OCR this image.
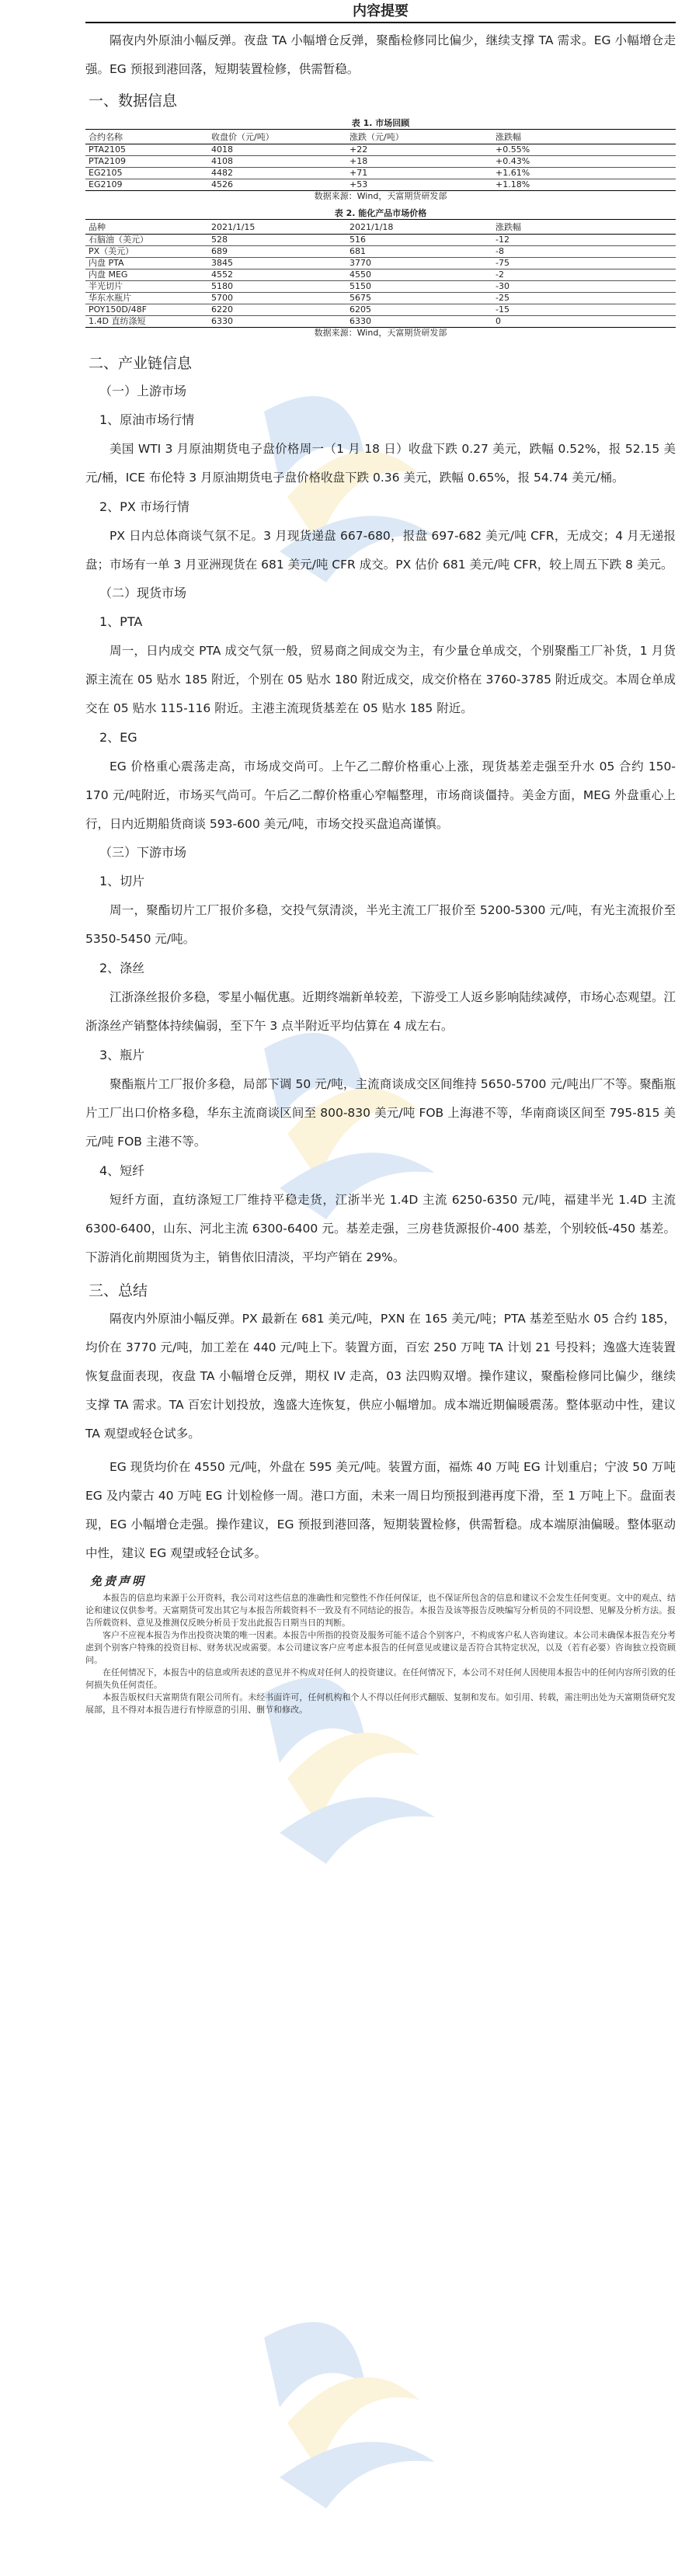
内容提要

隔夜内外原油小幅反弹。夜盘 TA 小幅增仓反弹，聚酯检修同比偏少，继续支撑 TA 需求。EG 小幅增仓走强。EG 预报到港回落，短期装置检修，供需暂稳。

一、数据信息
表 1. 市场回顾
合约名称	收盘价（元/吨）	涨跌（元/吨）	涨跌幅
PTA2105	4018	+22	+0.55%
PTA2109	4108	+18	+0.43%
EG2105	4482	+71	+1.61%
EG2109	4526	+53	+1.18%
数据来源：Wind，天富期货研发部
表 2. 能化产品市场价格
品种	2021/1/15	2021/1/18	涨跌幅
石脑油（美元）	528	516	-12
PX（美元）	689	681	-8
内盘 PTA	3845	3770	-75
内盘 MEG	4552	4550	-2
半光切片	5180	5150	-30
华东水瓶片	5700	5675	-25
POY150D/48F	6220	6205	-15
1.4D 直纺涤短	6330	6330	0
数据来源：Wind，天富期货研发部
二、产业链信息
（一）上游市场
1、原油市场行情

美国 WTI 3 月原油期货电子盘价格周一（1 月 18 日）收盘下跌 0.27 美元，跌幅 0.52%，报 52.15 美元/桶，ICE 布伦特 3 月原油期货电子盘价格收盘下跌 0.36 美元，跌幅 0.65%，报 54.74 美元/桶。

2、PX 市场行情

PX 日内总体商谈气氛不足。3 月现货递盘 667-680，报盘 697-682 美元/吨 CFR，无成交；4 月无递报盘；市场有一单 3 月亚洲现货在 681 美元/吨 CFR 成交。PX 估价 681 美元/吨 CFR，较上周五下跌 8 美元。

（二）现货市场
1、PTA

周一，日内成交 PTA 成交气氛一般，贸易商之间成交为主，有少量仓单成交，个别聚酯工厂补货，1 月货源主流在 05 贴水 185 附近，个别在 05 贴水 180 附近成交，成交价格在 3760-3785 附近成交。本周仓单成交在 05 贴水 115-116 附近。主港主流现货基差在 05 贴水 185 附近。

2、EG

EG 价格重心震荡走高，市场成交尚可。上午乙二醇价格重心上涨，现货基差走强至升水 05 合约 150-170 元/吨附近，市场买气尚可。午后乙二醇价格重心窄幅整理，市场商谈僵持。美金方面，MEG 外盘重心上行，日内近期船货商谈 593-600 美元/吨，市场交投买盘追高谨慎。

（三）下游市场
1、切片

周一，聚酯切片工厂报价多稳，交投气氛清淡，半光主流工厂报价至 5200-5300 元/吨，有光主流报价至 5350-5450 元/吨。

2、涤丝

江浙涤丝报价多稳，零星小幅优惠。近期终端新单较差，下游受工人返乡影响陆续减停，市场心态观望。江浙涤丝产销整体持续偏弱，至下午 3 点半附近平均估算在 4 成左右。

3、瓶片

聚酯瓶片工厂报价多稳，局部下调 50 元/吨，主流商谈成交区间维持 5650-5700 元/吨出厂不等。聚酯瓶片工厂出口价格多稳，华东主流商谈区间至 800-830 美元/吨 FOB 上海港不等，华南商谈区间至 795-815 美元/吨 FOB 主港不等。

4、短纤

短纤方面，直纺涤短工厂维持平稳走货，江浙半光 1.4D 主流 6250-6350 元/吨，福建半光 1.4D 主流 6300-6400，山东、河北主流 6300-6400 元。基差走强，三房巷货源报价-400 基差，个别较低-450 基差。下游消化前期囤货为主，销售依旧清淡，平均产销在 29%。

三、总结

隔夜内外原油小幅反弹。PX 最新在 681 美元/吨，PXN 在 165 美元/吨；PTA 基差至贴水 05 合约 185，均价在 3770 元/吨，加工差在 440 元/吨上下。装置方面，百宏 250 万吨 TA 计划 21 号投料；逸盛大连装置恢复盘面表现，夜盘 TA 小幅增仓反弹，期权 IV 走高，03 法四购双增。操作建议，聚酯检修同比偏少，继续支撑 TA 需求。TA 百宏计划投放，逸盛大连恢复，供应小幅增加。成本端近期偏暖震荡。整体驱动中性，建议 TA 观望或轻仓试多。

EG 现货均价在 4550 元/吨，外盘在 595 美元/吨。装置方面，福炼 40 万吨 EG 计划重启；宁波 50 万吨 EG 及内蒙古 40 万吨 EG 计划检修一周。港口方面，未来一周日均预报到港再度下滑，至 1 万吨上下。盘面表现，EG 小幅增仓走强。操作建议，EG 预报到港回落，短期装置检修，供需暂稳。成本端原油偏暖。整体驱动中性，建议 EG 观望或轻仓试多。

免责声明

本报告的信息均来源于公开资料，我公司对这些信息的准确性和完整性不作任何保证，也不保证所包含的信息和建议不会发生任何变更。文中的观点、结论和建议仅供参考。天富期货可发出其它与本报告所载资料不一致及有不同结论的报告。本报告及该等报告反映编写分析员的不同设想、见解及分析方法。报告所载资料、意见及推测仅反映分析员于发出此报告日期当日的判断。

客户不应视本报告为作出投资决策的唯一因素。本报告中所指的投资及服务可能不适合个别客户，不构成客户私人咨询建议。本公司未确保本报告充分考虑到个别客户特殊的投资目标、财务状况或需要。本公司建议客户应考虑本报告的任何意见或建议是否符合其特定状况，以及（若有必要）咨询独立投资顾问。

在任何情况下，本报告中的信息或所表述的意见并不构成对任何人的投资建议。在任何情况下，本公司不对任何人因使用本报告中的任何内容所引致的任何损失负任何责任。

本报告版权归天富期货有限公司所有。未经书面许可，任何机构和个人不得以任何形式翻版、复制和发布。如引用、转载，需注明出处为天富期货研究发展部，且不得对本报告进行有悖原意的引用、删节和修改。
